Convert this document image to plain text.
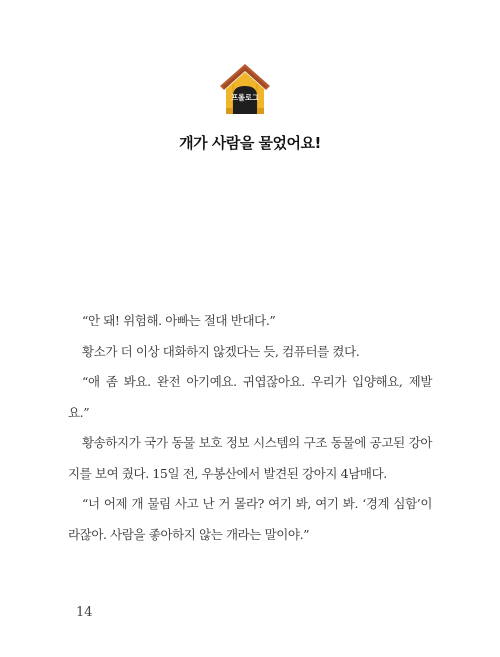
프롤로그
개가 사람을 물었어요!

“안 돼! 위험해. 아빠는 절대 반대다.”

황소가 더 이상 대화하지 않겠다는 듯, 컴퓨터를 켰다.

“애 좀 봐요. 완전 아기예요. 귀엽잖아요. 우리가 입양해요, 제발요.”

황송하지가 국가 동물 보호 정보 시스템의 구조 동물에 공고된 강아지를 보여 줬다. 15일 전, 우봉산에서 발견된 강아지 4남매다.

“너 어제 개 물림 사고 난 거 몰라? 여기 봐, 여기 봐. ‘경계 심함’이라잖아. 사람을 좋아하지 않는 개라는 말이야.”

14
